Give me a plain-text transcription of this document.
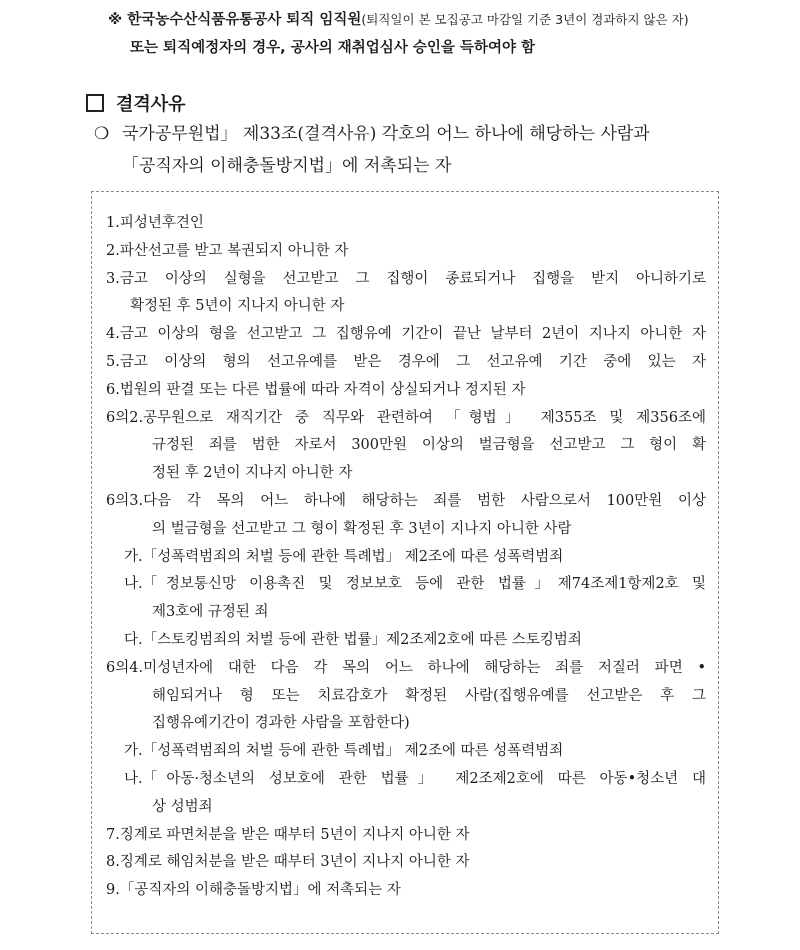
※ 한국농수산식품유통공사 퇴직 임직원(퇴직일이 본 모집공고 마감일 기준 3년이 경과하지 않은 자)
또는 퇴직예정자의 경우, 공사의 재취업심사 승인을 득하여야 함
결격사유
❍ 국가공무원법」 제33조(결격사유) 각호의 어느 하나에 해당하는 사람과
「공직자의 이해충돌방지법」에 저촉되는 자
1. 피성년후견인
2. 파산선고를 받고 복권되지 아니한 자
3. 금고 이상의 실형을 선고받고 그 집행이 종료되거나 집행을 받지 아니하기로
확정된 후 5년이 지나지 아니한 자
4. 금고 이상의 형을 선고받고 그 집행유예 기간이 끝난 날부터 2년이 지나지 아니한 자
5. 금고 이상의 형의 선고유예를 받은 경우에 그 선고유예 기간 중에 있는 자
6. 법원의 판결 또는 다른 법률에 따라 자격이 상실되거나 정지된 자
6의2. 공무원으로 재직기간 중 직무와 관련하여 「형법」 제355조 및 제356조에
규정된 죄를 범한 자로서 300만원 이상의 벌금형을 선고받고 그 형이 확
정된 후 2년이 지나지 아니한 자
6의3. 다음 각 목의 어느 하나에 해당하는 죄를 범한 사람으로서 100만원 이상
의 벌금형을 선고받고 그 형이 확정된 후 3년이 지나지 아니한 사람
가. 「성폭력범죄의 처벌 등에 관한 특례법」 제2조에 따른 성폭력범죄
나. 「정보통신망 이용촉진 및 정보보호 등에 관한 법률」제74조제1항제2호 및
제3호에 규정된 죄
다. 「스토킹범죄의 처벌 등에 관한 법률」제2조제2호에 따른 스토킹범죄
6의4. 미성년자에 대한 다음 각 목의 어느 하나에 해당하는 죄를 저질러 파면 •
해임되거나 형 또는 치료감호가 확정된 사람(집행유예를 선고받은 후 그
집행유예기간이 경과한 사람을 포함한다)
가. 「성폭력범죄의 처벌 등에 관한 특례법」 제2조에 따른 성폭력범죄
나. 「아동·청소년의 성보호에 관한 법률」 제2조제2호에 따른 아동•청소년 대
상 성범죄
7. 징계로 파면처분을 받은 때부터 5년이 지나지 아니한 자
8. 징계로 해임처분을 받은 때부터 3년이 지나지 아니한 자
9. 「공직자의 이해충돌방지법」에 저촉되는 자
